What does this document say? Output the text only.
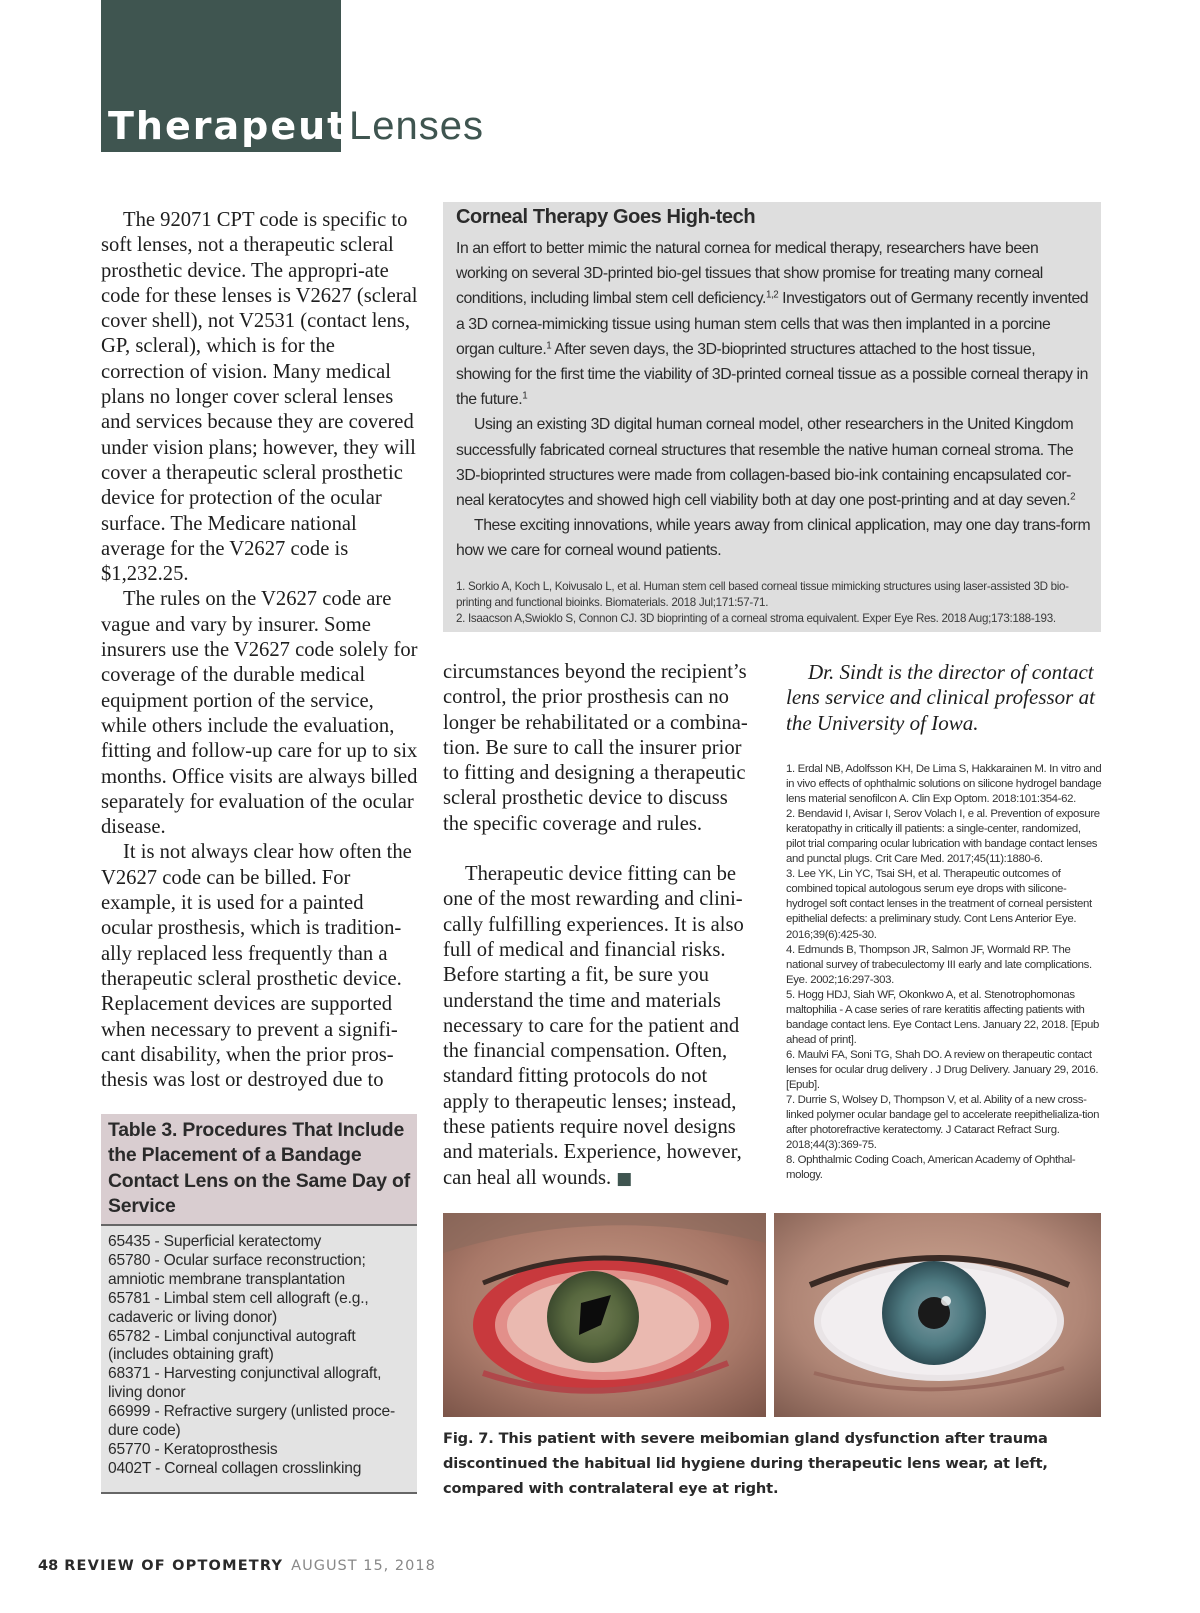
Therapeutic
Lenses

The 92071 CPT code is specific to soft lenses, not a therapeutic scleral prosthetic device. The appropri-ate code for these lenses is V2627 (scleral cover shell), not V2531 (contact lens, GP, scleral), which is for the correction of vision. Many medical plans no longer cover scleral lenses and services because they are covered under vision plans; however, they will cover a therapeutic scleral prosthetic device for protection of the ocular surface. The Medicare national average for the V2627 code is $1,232.25.

The rules on the V2627 code are vague and vary by insurer. Some insurers use the V2627 code solely for coverage of the durable medical equipment portion of the service, while others include the evaluation, fitting and follow-up care for up to six months. Office visits are always billed separately for evaluation of the ocular disease.

It is not always clear how often the V2627 code can be billed. For example, it is used for a painted ocular prosthesis, which is tradition-ally replaced less frequently than a therapeutic scleral prosthetic device. Replacement devices are supported when necessary to prevent a signifi-cant disability, when the prior pros-thesis was lost or destroyed due to

Corneal Therapy Goes High-tech

In an effort to better mimic the natural cornea for medical therapy, researchers have been working on several 3D-printed bio-gel tissues that show promise for treating many corneal conditions, including limbal stem cell deficiency.$^{1,2}$ Investigators out of Germany recently invented a 3D cornea-mimicking tissue using human stem cells that was then implanted in a porcine organ culture.$^1$ After seven days, the 3D-bioprinted structures attached to the host tissue, showing for the first time the viability of 3D-printed corneal tissue as a possible corneal therapy in the future.$^1$

Using an existing 3D digital human corneal model, other researchers in the United Kingdom successfully fabricated corneal structures that resemble the native human corneal stroma. The 3D-bioprinted structures were made from collagen-based bio-ink containing encapsulated cor-neal keratocytes and showed high cell viability both at day one post-printing and at day seven.$^2$

These exciting innovations, while years away from clinical application, may one day trans-form how we care for corneal wound patients.

1. Sorkio A, Koch L, Koivusalo L, et al. Human stem cell based corneal tissue mimicking structures using laser-assisted 3D bio-printing and functional bioinks. Biomaterials. 2018 Jul;171:57-71.
2. Isaacson A,Swioklo S, Connon CJ. 3D bioprinting of a corneal stroma equivalent. Exper Eye Res. 2018 Aug;173:188-193.

circumstances beyond the recipient’s control, the prior prosthesis can no longer be rehabilitated or a combina-tion. Be sure to call the insurer prior to fitting and designing a therapeutic scleral prosthetic device to discuss the specific coverage and rules.

Therapeutic device fitting can be one of the most rewarding and clini-cally fulfilling experiences. It is also full of medical and financial risks. Before starting a fit, be sure you understand the time and materials necessary to care for the patient and the financial compensation. Often, standard fitting protocols do not apply to therapeutic lenses; instead, these patients require novel designs and materials. Experience, however, can heal all wounds. ■

Dr. Sindt is the director of contact lens service and clinical professor at the University of Iowa.

1. Erdal NB, Adolfsson KH, De Lima S, Hakkarainen M. In vitro and in vivo effects of ophthalmic solutions on silicone hydrogel bandage lens material senofilcon A. Clin Exp Optom. 2018:101:354-62.
2. Bendavid I, Avisar I, Serov Volach I, e al. Prevention of exposure keratopathy in critically ill patients: a single-center, randomized, pilot trial comparing ocular lubrication with bandage contact lenses and punctal plugs. Crit Care Med. 2017;45(11):1880-6.
3. Lee YK, Lin YC, Tsai SH, et al. Therapeutic outcomes of combined topical autologous serum eye drops with silicone-hydrogel soft contact lenses in the treatment of corneal persistent epithelial defects: a preliminary study. Cont Lens Anterior Eye. 2016;39(6):425-30.
4. Edmunds B, Thompson JR, Salmon JF, Wormald RP. The national survey of trabeculectomy III early and late complications. Eye. 2002;16:297-303.
5. Hogg HDJ, Siah WF, Okonkwo A, et al. Stenotrophomonas maltophilia - A case series of rare keratitis affecting patients with bandage contact lens. Eye Contact Lens. January 22, 2018. [Epub ahead of print].
6. Maulvi FA, Soni TG, Shah DO. A review on therapeutic contact lenses for ocular drug delivery . J Drug Delivery. January 29, 2016. [Epub].
7. Durrie S, Wolsey D, Thompson V, et al. Ability of a new cross-linked polymer ocular bandage gel to accelerate reepithelializa-tion after photorefractive keratectomy. J Cataract Refract Surg. 2018;44(3):369-75.
8. Ophthalmic Coding Coach, American Academy of Ophthal-mology.
Table 3. Procedures That Include the Placement of a Bandage Contact Lens on the Same Day of Service
65435 - Superficial keratectomy
65780 - Ocular surface reconstruction; amniotic membrane transplantation
65781 - Limbal stem cell allograft (e.g., cadaveric or living donor)
65782 - Limbal conjunctival autograft (includes obtaining graft)
68371 - Harvesting conjunctival allograft, living donor
66999 - Refractive surgery (unlisted proce-dure code)
65770 - Keratoprosthesis
0402T - Corneal collagen crosslinking
Fig. 7. This patient with severe meibomian gland dysfunction after trauma discontinued the habitual lid hygiene during therapeutic lens wear, at left, compared with contralateral eye at right.
48 REVIEW OF OPTOMETRY AUGUST 15, 2018
